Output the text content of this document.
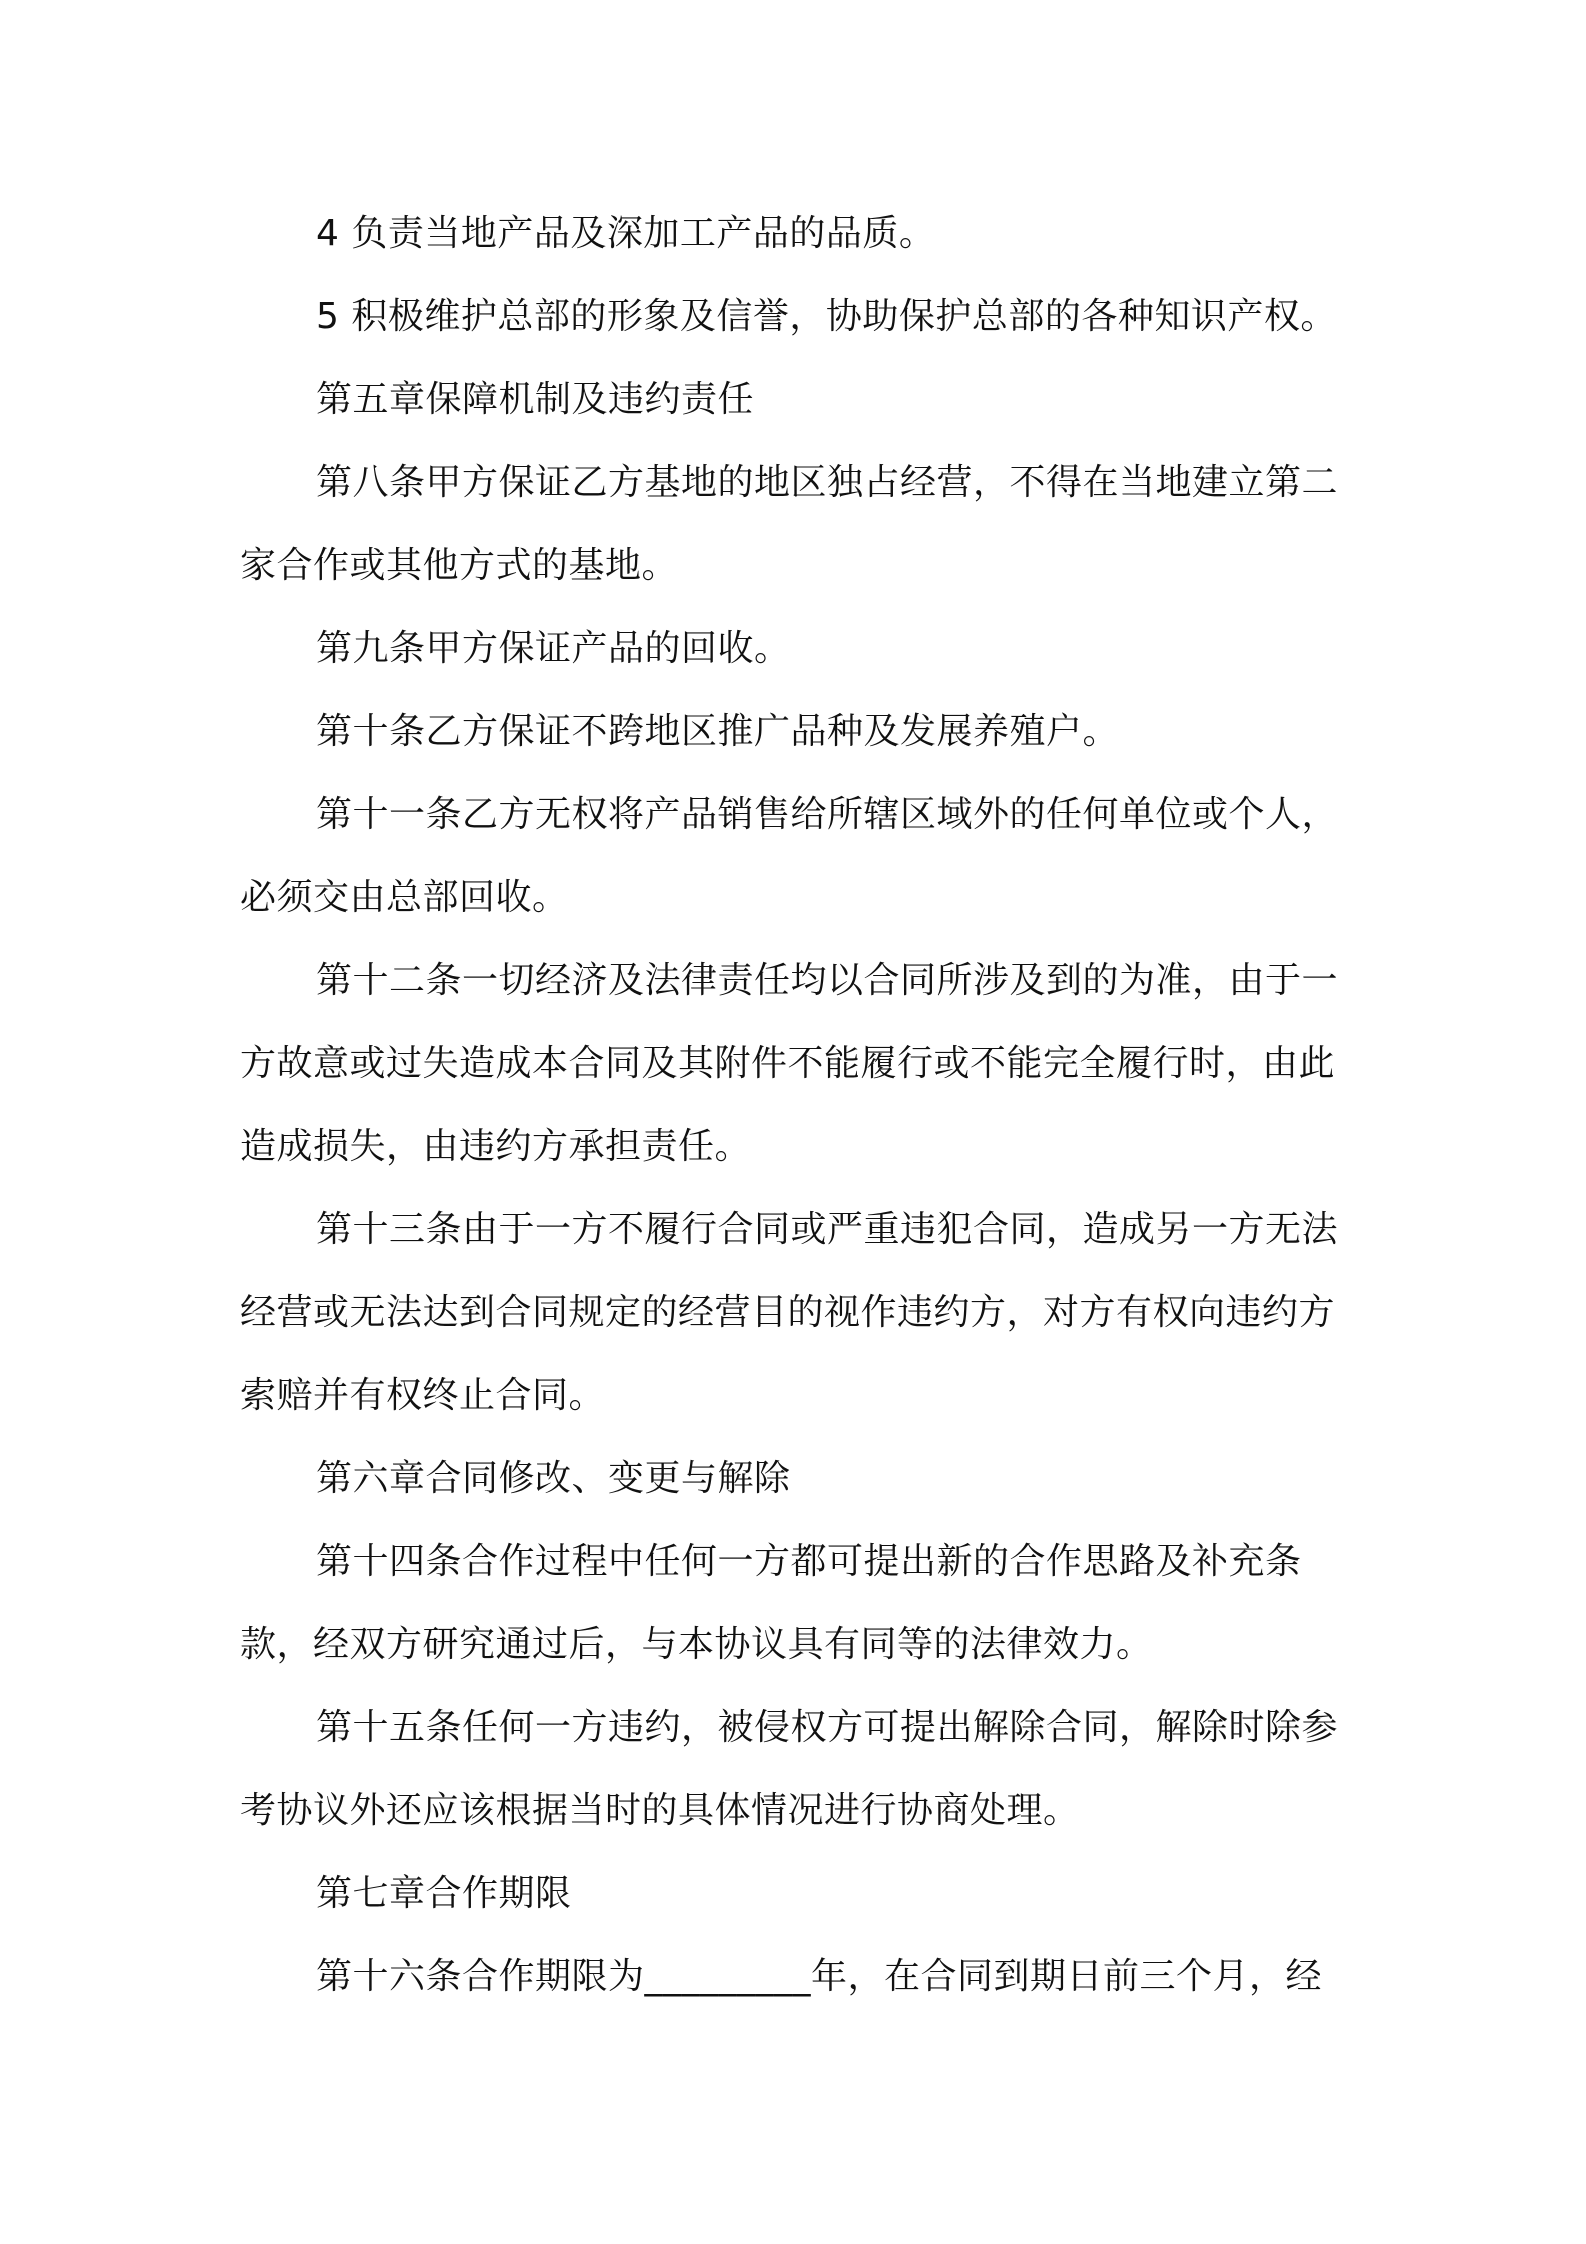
4 负责当地产品及深加工产品的品质。

5 积极维护总部的形象及信誉，协助保护总部的各种知识产权。

第五章保障机制及违约责任

第八条甲方保证乙方基地的地区独占经营，不得在当地建立第二家合作或其他方式的基地。

第九条甲方保证产品的回收。

第十条乙方保证不跨地区推广品种及发展养殖户。

第十一条乙方无权将产品销售给所辖区域外的任何单位或个人，必须交由总部回收。

第十二条一切经济及法律责任均以合同所涉及到的为准，由于一方故意或过失造成本合同及其附件不能履行或不能完全履行时，由此造成损失，由违约方承担责任。

第十三条由于一方不履行合同或严重违犯合同，造成另一方无法经营或无法达到合同规定的经营目的视作违约方，对方有权向违约方索赔并有权终止合同。

第六章合同修改、变更与解除

第十四条合作过程中任何一方都可提出新的合作思路及补充条款，经双方研究通过后，与本协议具有同等的法律效力。

第十五条任何一方违约，被侵权方可提出解除合同，解除时除参考协议外还应该根据当时的具体情况进行协商处理。

第七章合作期限

第十六条合作期限为_________年，在合同到期日前三个月，经
